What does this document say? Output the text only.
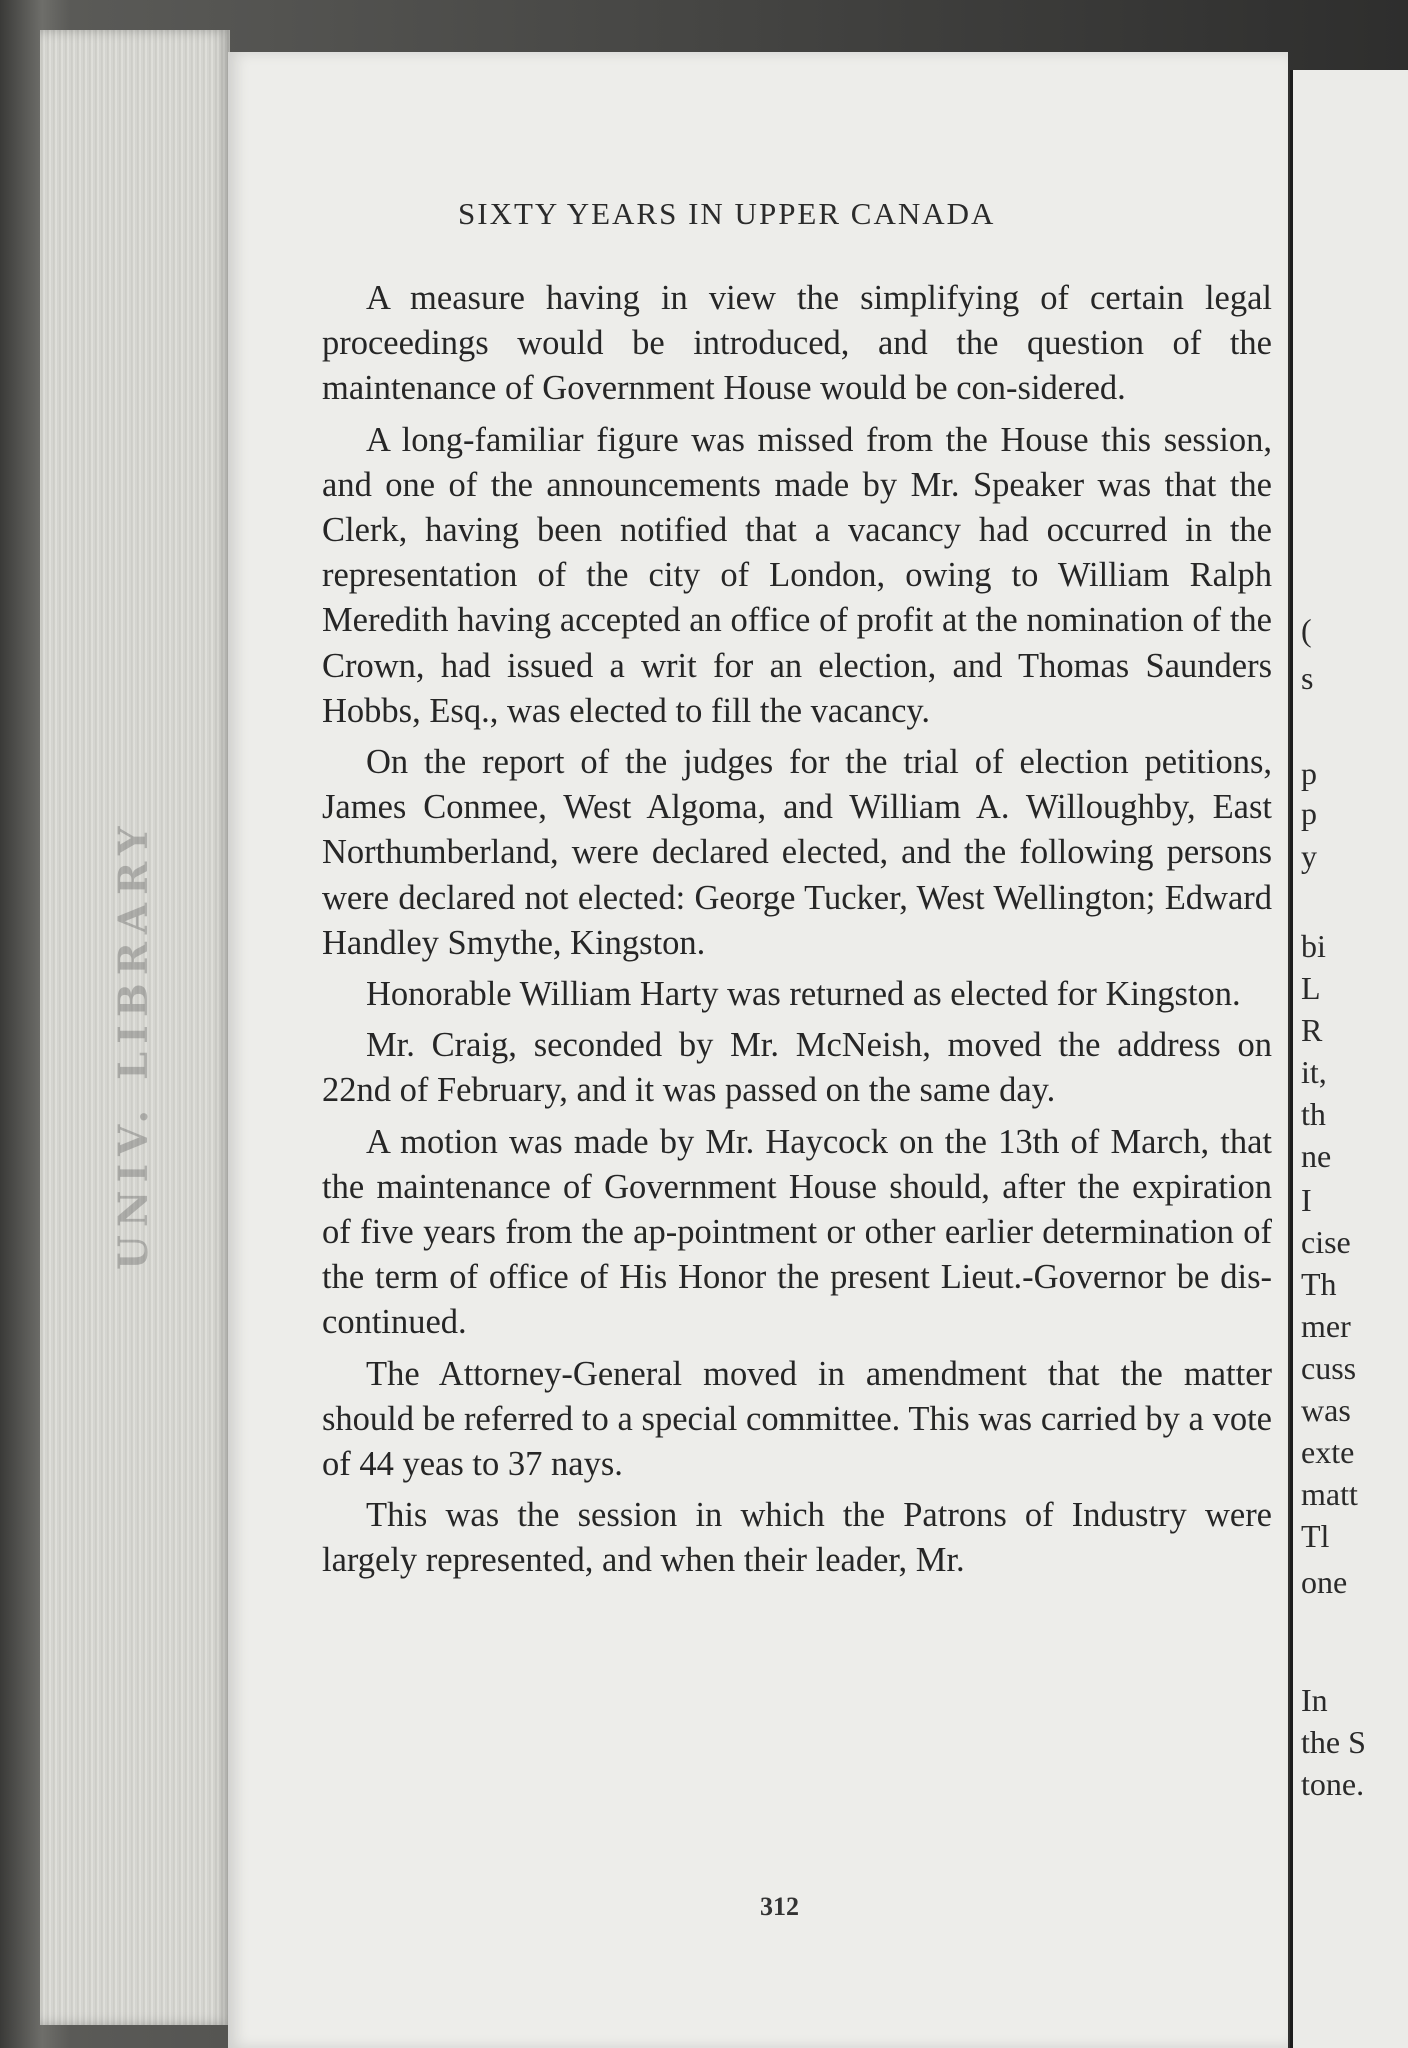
UNIV. LIBRARY
(
s
p
p
y
bi
L
R
it,
th
ne
I
cise
Th
mer
cuss
was
exte
matt
Tl
one
In
the S
tone.
SIXTY YEARS IN UPPER CANADA

A measure having in view the simplifying of certain legal proceedings would be introduced, and the question of the maintenance of Government House would be con-sidered.

A long-familiar figure was missed from the House this session, and one of the announcements made by Mr. Speaker was that the Clerk, having been notified that a vacancy had occurred in the representation of the city of London, owing to William Ralph Meredith having accepted an office of profit at the nomination of the Crown, had issued a writ for an election, and Thomas Saunders Hobbs, Esq., was elected to fill the vacancy.

On the report of the judges for the trial of election petitions, James Conmee, West Algoma, and William A. Willoughby, East Northumberland, were declared elected, and the following persons were declared not elected: George Tucker, West Wellington; Edward Handley Smythe, Kingston.

Honorable William Harty was returned as elected for Kingston.

Mr. Craig, seconded by Mr. McNeish, moved the address on 22nd of February, and it was passed on the same day.

A motion was made by Mr. Haycock on the 13th of March, that the maintenance of Government House should, after the expiration of five years from the ap-pointment or other earlier determination of the term of office of His Honor the present Lieut.-Governor be dis-continued.

The Attorney-General moved in amendment that the matter should be referred to a special committee. This was carried by a vote of 44 yeas to 37 nays.

This was the session in which the Patrons of Industry were largely represented, and when their leader, Mr.

312
